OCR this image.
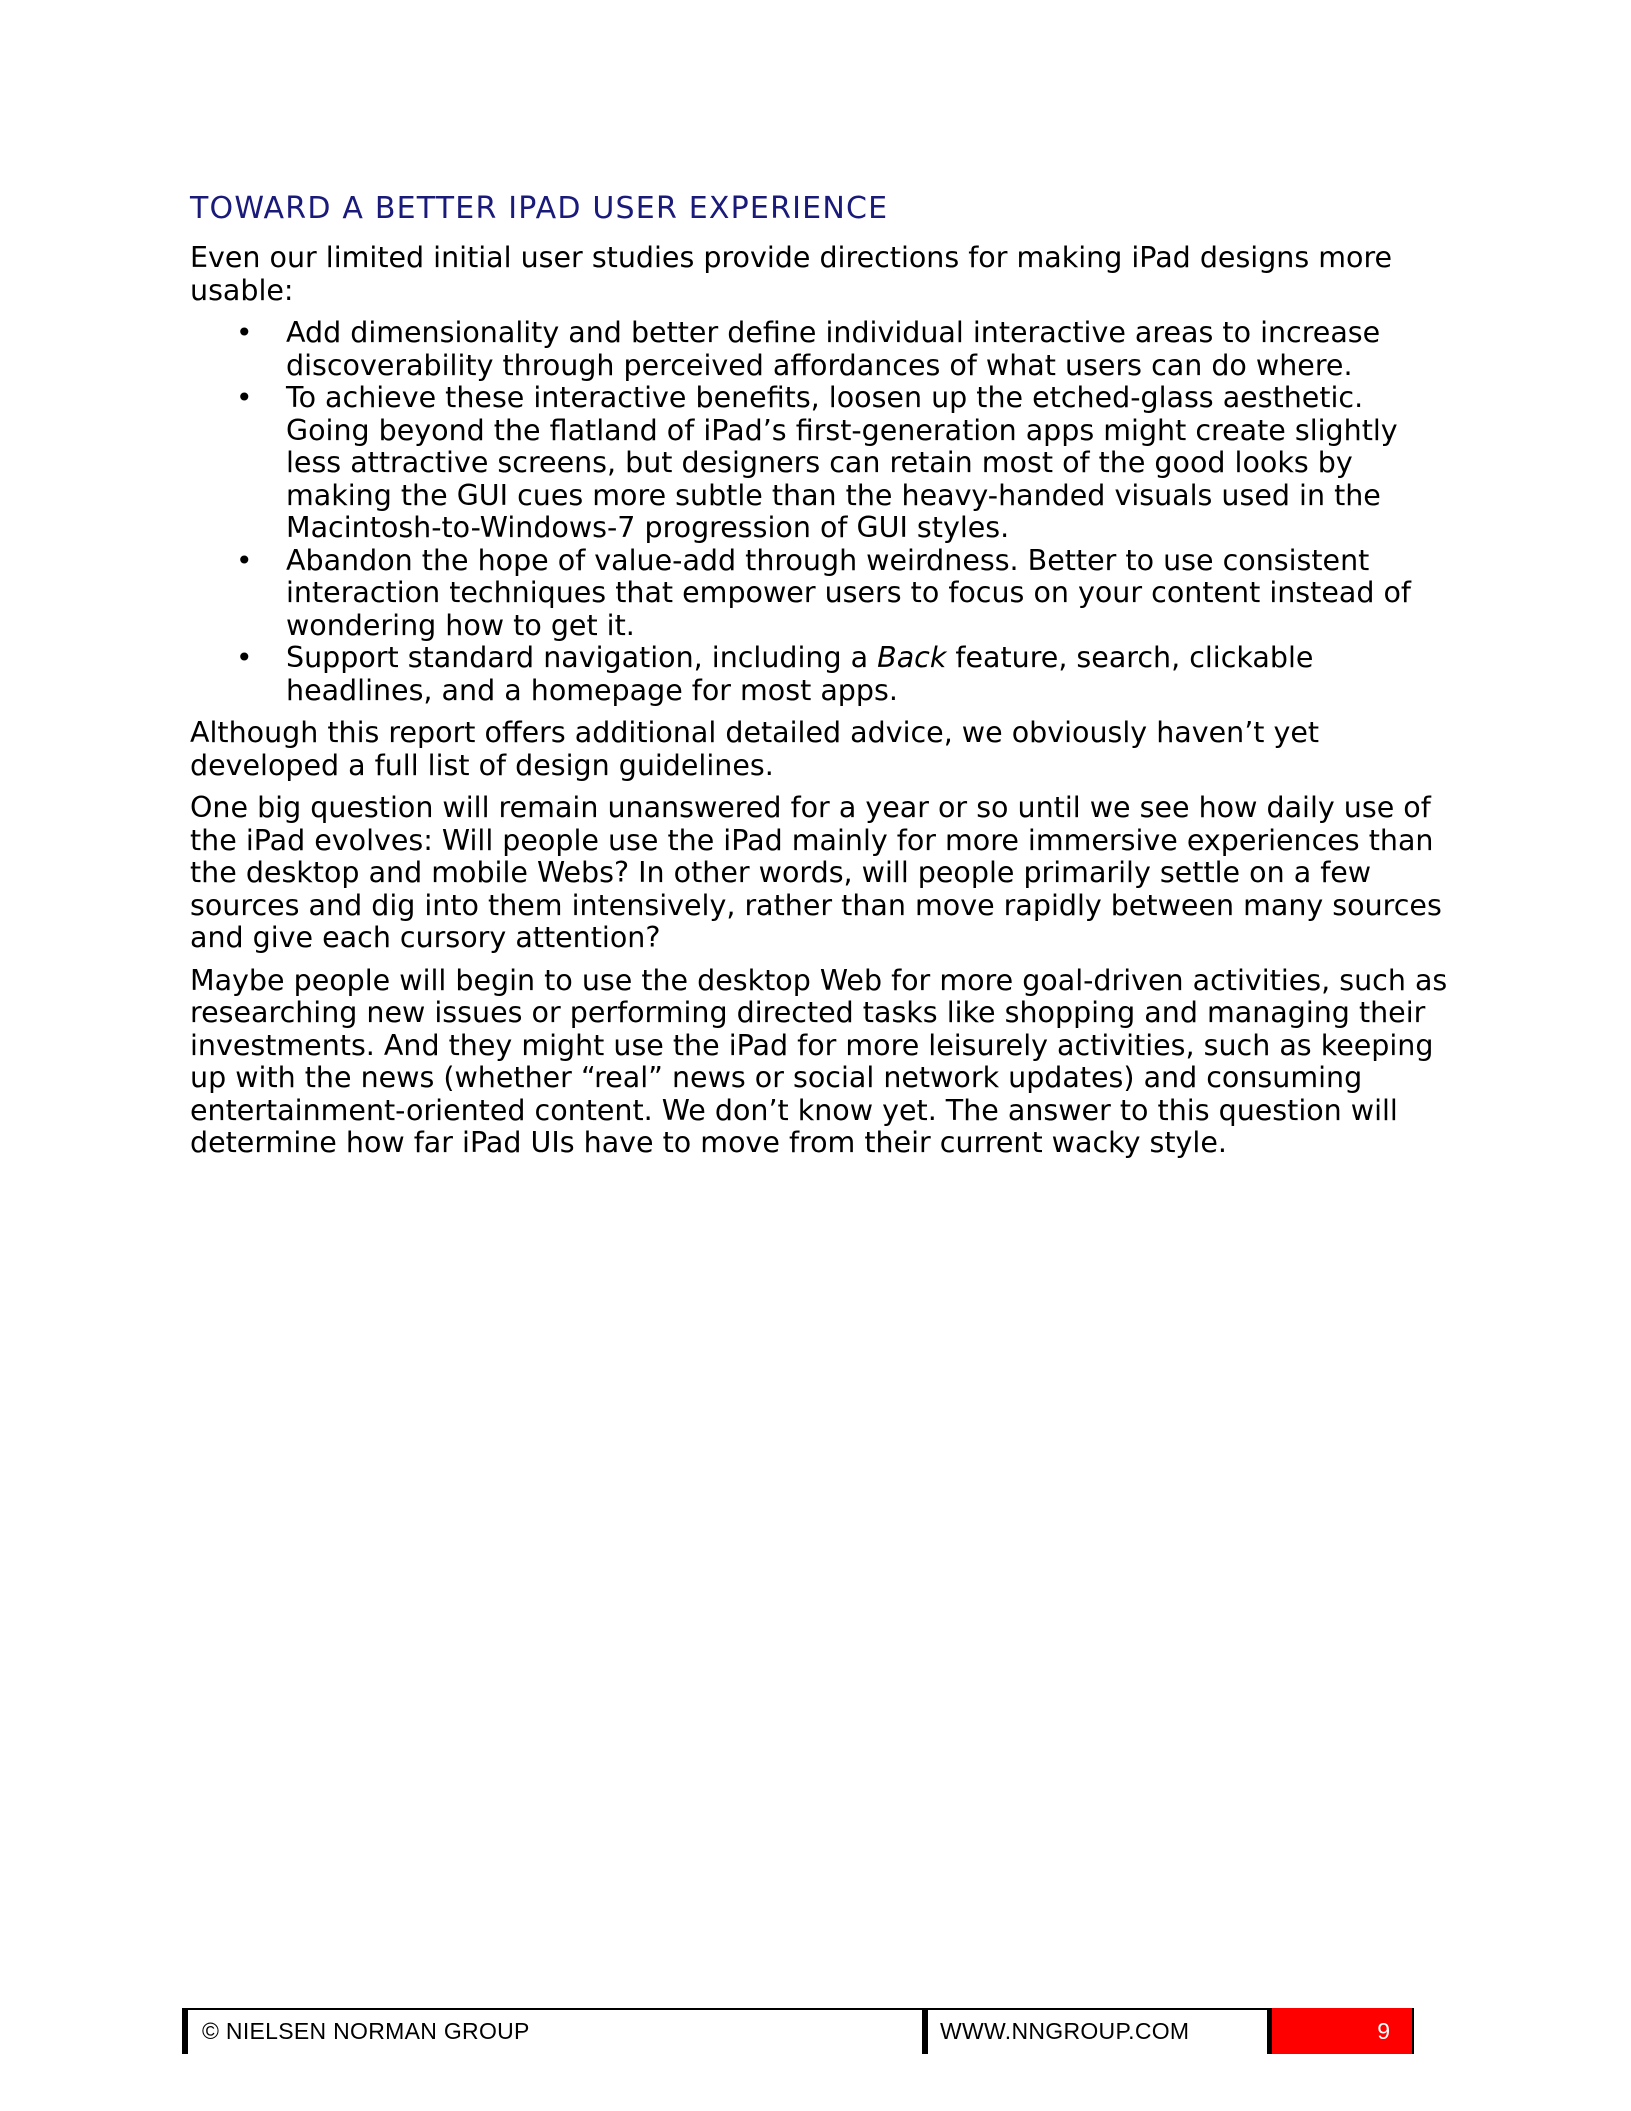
TOWARD A BETTER IPAD USER EXPERIENCE

Even our limited initial user studies provide directions for making iPad designs more usable:

• Add dimensionality and better define individual interactive areas to increase discoverability through perceived affordances of what users can do where.
• To achieve these interactive benefits, loosen up the etched-glass aesthetic. Going beyond the flatland of iPad’s first-generation apps might create slightly less attractive screens, but designers can retain most of the good looks by making the GUI cues more subtle than the heavy-handed visuals used in the Macintosh-to-Windows-7 progression of GUI styles.
• Abandon the hope of value-add through weirdness. Better to use consistent interaction techniques that empower users to focus on your content instead of wondering how to get it.
• Support standard navigation, including a Back feature, search, clickable headlines, and a homepage for most apps.

Although this report offers additional detailed advice, we obviously haven’t yet developed a full list of design guidelines.

One big question will remain unanswered for a year or so until we see how daily use of the iPad evolves: Will people use the iPad mainly for more immersive experiences than the desktop and mobile Webs? In other words, will people primarily settle on a few sources and dig into them intensively, rather than move rapidly between many sources and give each cursory attention?

Maybe people will begin to use the desktop Web for more goal-driven activities, such as researching new issues or performing directed tasks like shopping and managing their investments. And they might use the iPad for more leisurely activities, such as keeping up with the news (whether “real” news or social network updates) and consuming entertainment-oriented content. We don’t know yet. The answer to this question will determine how far iPad UIs have to move from their current wacky style.

© NIELSEN NORMAN GROUP	WWW.NNGROUP.COM	9
